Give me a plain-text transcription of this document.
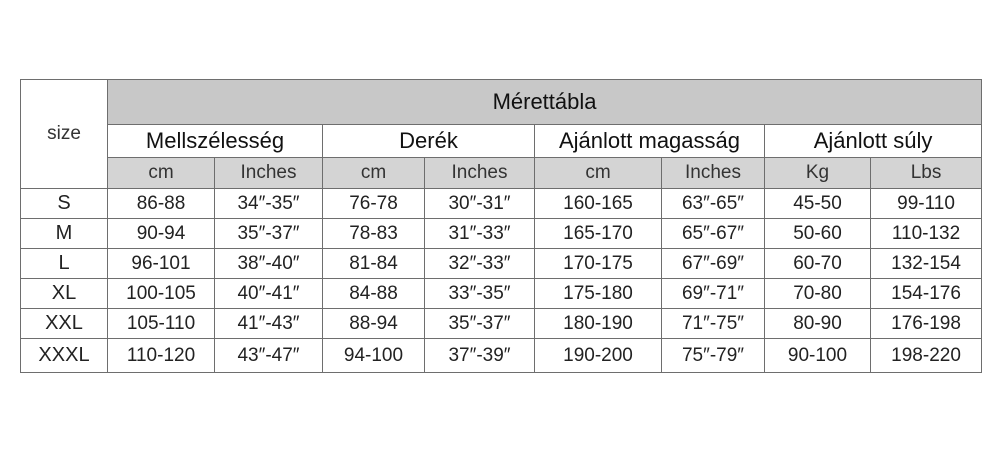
size	Mérettábla							
	Mellszélesség		Derék		Ajánlott magasság		Ajánlott súly	
	cm	Inches	cm	Inches	cm	Inches	Kg	Lbs
S	86-88	34″-35″	76-78	30″-31″	160-165	63″-65″	45-50	99-110
M	90-94	35″-37″	78-83	31″-33″	165-170	65″-67″	50-60	110-132
L	96-101	38″-40″	81-84	32″-33″	170-175	67″-69″	60-70	132-154
XL	100-105	40″-41″	84-88	33″-35″	175-180	69″-71″	70-80	154-176
XXL	105-110	41″-43″	88-94	35″-37″	180-190	71″-75″	80-90	176-198
XXXL	110-120	43″-47″	94-100	37″-39″	190-200	75″-79″	90-100	198-220
